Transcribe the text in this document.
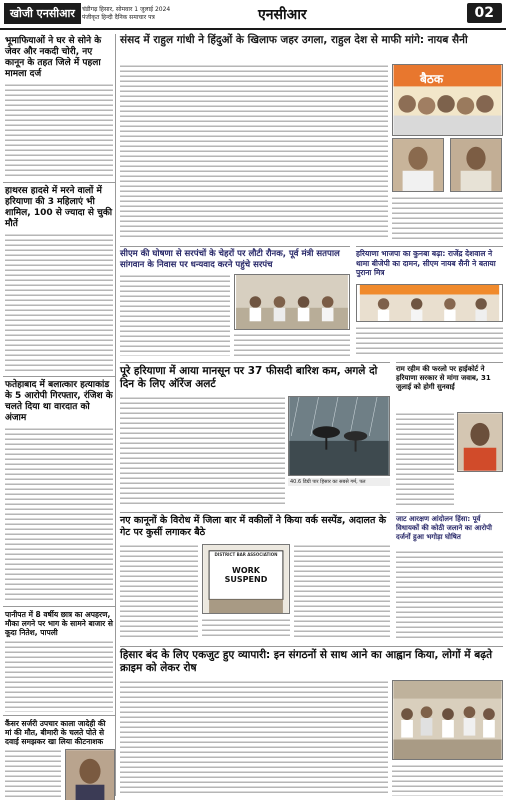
खोजी एनसीआर	चंडीगढ़ हिसार, सोमवार 1 जुलाई 2024
पंजीकृत हिन्दी दैनिक समाचार पत्र	एनसीआर	02
भूमाफियाओं ने घर से सोने के जेवर और नकदी चोरी, नए कानून के तहत जिले में पहला मामला दर्ज
हाथरस हादसे में मरने वालों में हरियाणा की 3 महिलाएं भी शामिल, 100 से ज्यादा से चुकी मौतें
फतेहाबाद में बलात्कार हत्याकांड के 5 आरोपी गिरफ्तार, रंजिश के चलते दिया था वारदात को अंजाम
पानीपत में 8 वर्षीय छात्र का अपहरण, मौका लगने पर भाग के सामने बाजार से कूदा नितेश, पापली
कैंसर सर्जरी उपचार काला जादेही की मां की मौत, बीमारी के चलते पोते से दवाई समझकर खा लिया कीटनाशक
संसद में राहुल गांधी ने हिंदुओं के खिलाफ जहर उगला, राहुल देश से माफी मांगे: नायब सैनी
बैठक
सीएम की घोषणा से सरपंचों के चेहरों पर लौटी रौनक, पूर्व मंत्री सतपाल सांगवान के निवास पर धन्यवाद करने पहुंचे सरपंच
हरियाणा भाजपा का कुनबा बढ़ा: राजेंद्र देशवाल ने थामा बीजेपी का दामन, सीएम नायब सैनी ने बताया पुराना मित्र
पूरे हरियाणा में आया मानसून पर 37 फीसदी बारिश कम, अगले दो दिन के लिए ऑरेंज अलर्ट
40.6 डिग्री पार हिसार का सबसे गर्म, पल
राम रहीम की फरलो पर हाईकोर्ट ने हरियाणा सरकार से मांगा जवाब, 31 जुलाई को होगी सुनवाई
नए कानूनों के विरोध में जिला बार में वकीलों ने किया वर्क सस्पेंड, अदालत के गेट पर कुर्सी लगाकर बैठे
DISTRICT BAR ASSOCIATION
WORK SUSPEND
जाट आरक्षण आंदोलन हिंसा: पूर्व विधायकों की कोठी जलाने का आरोपी दर्जनों हुआ भगोड़ा घोषित
हिसार बंद के लिए एकजुट हुए व्यापारी: इन संगठनों से साथ आने का आह्वान किया, लोगों में बढ़ते क्राइम को लेकर रोष
